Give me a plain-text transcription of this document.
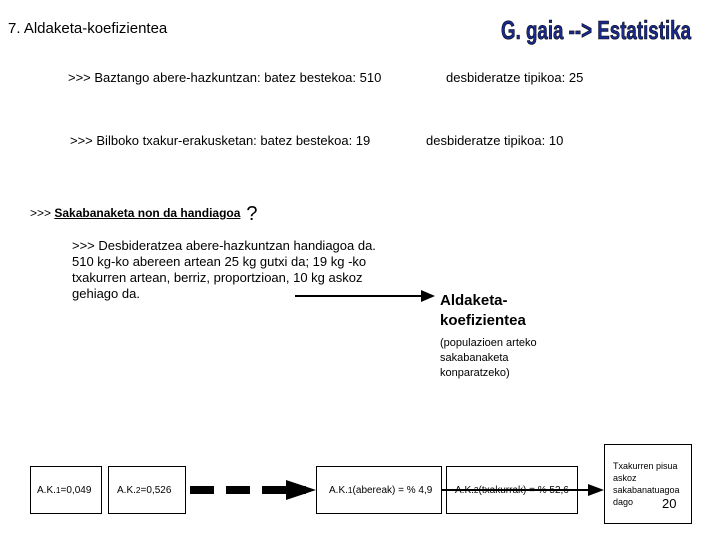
7. Aldaketa-koefizientea	G. gaia --> Estatistika
>>> Baztango abere-hazkuntzan: batez bestekoa: 510	desbideratze tipikoa: 25
>>> Bilboko txakur-erakusketan: batez bestekoa: 19	desbideratze tipikoa: 10
>>> Sakabanaketa non da handiagoa ?
>>> Desbideratzea abere-hazkuntzan handiagoa da. 510 kg-ko abereen artean 25 kg gutxi da; 19 kg -ko txakurren artean, berriz, proportzioan, 10 kg askoz gehiago da.	Aldaketa-koefizientea
(populazioen arteko sakabanaketa konparatzeko)
A.K. 1 =0,049	A.K. 2 =0,526	A.K. 1 (abereak) = % 4,9 A.K. 2 (txakurrak) = % 52,6
Txakurren pisua askoz sakabanatuagoa dago	20
